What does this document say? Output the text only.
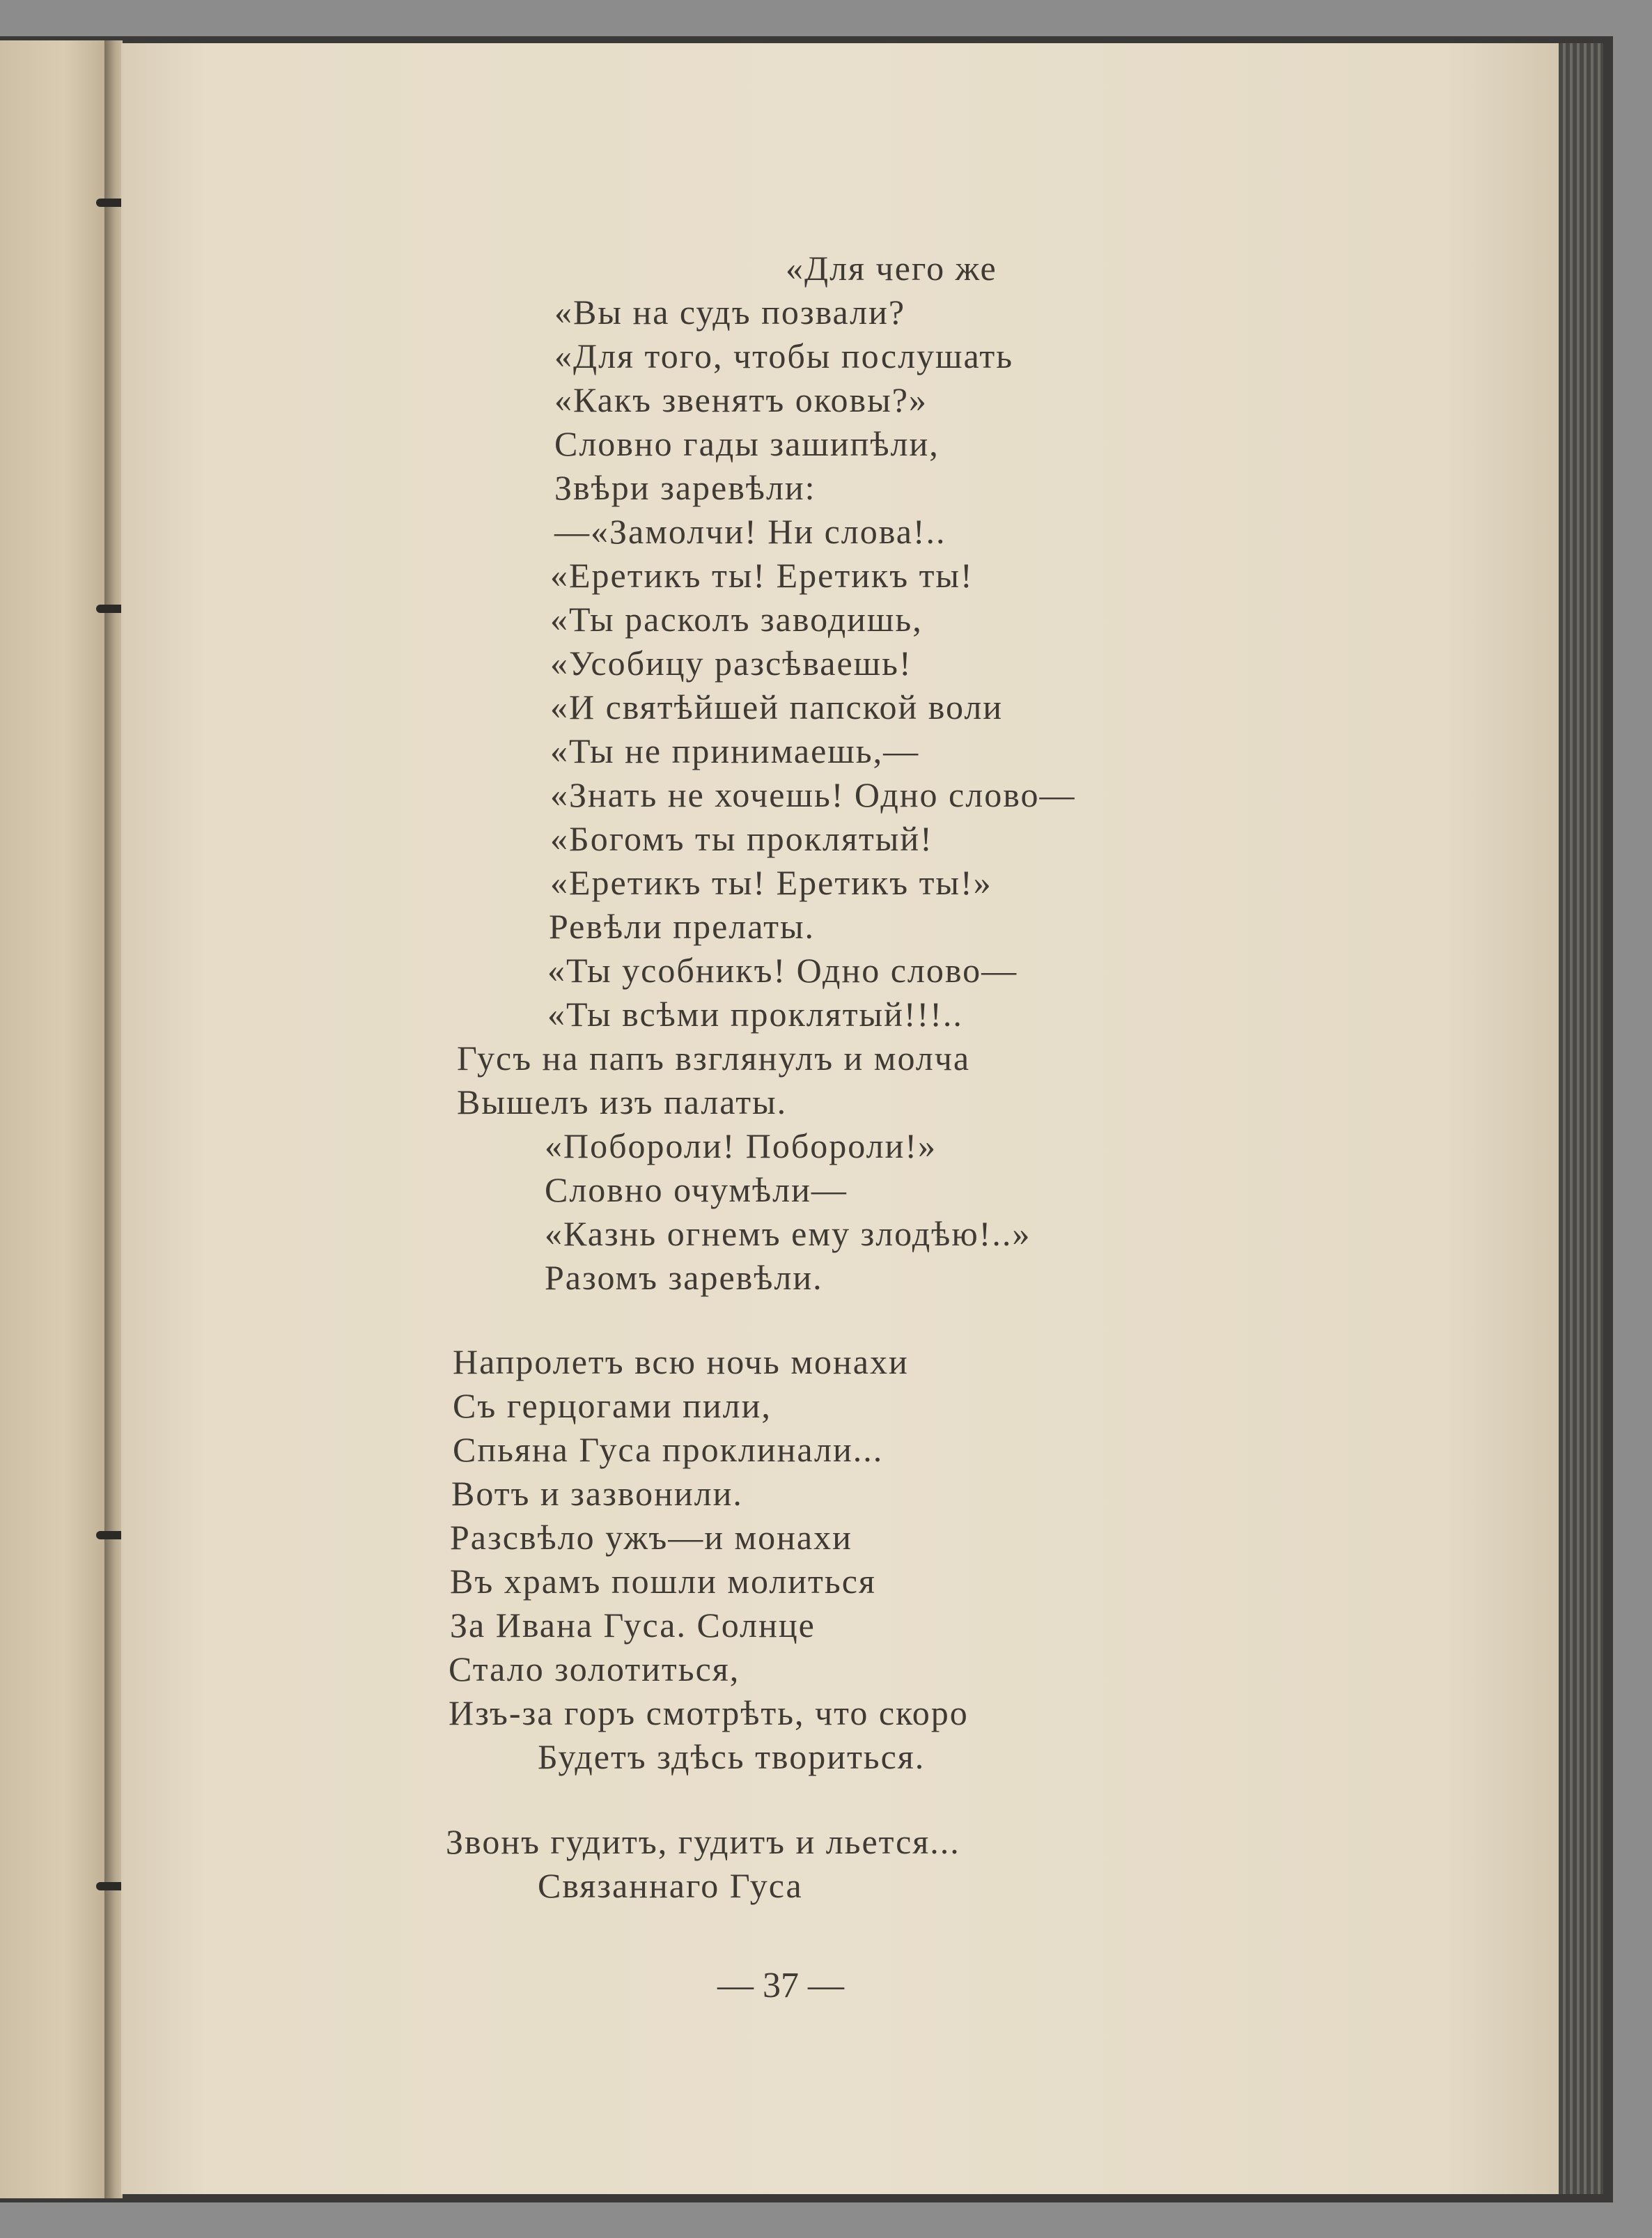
«Для чего же
«Вы на судъ позвали?
«Для того, чтобы послушать
«Какъ звенятъ оковы?»
Словно гады зашипѣли,
Звѣри заревѣли:
—«Замолчи! Ни слова!..
«Еретикъ ты! Еретикъ ты!
«Ты расколъ заводишь,
«Усобицу разсѣваешь!
«И святѣйшей папской воли
«Ты не принимаешь,—
«Знать не хочешь! Одно слово—
«Богомъ ты проклятый!
«Еретикъ ты! Еретикъ ты!»
Ревѣли прелаты.
«Ты усобникъ! Одно слово—
«Ты всѣми проклятый!!!..
Гусъ на папъ взглянулъ и молча
Вышелъ изъ палаты.
«Побороли! Побороли!»
Словно очумѣли—
«Казнь огнемъ ему злодѣю!..»
Разомъ заревѣли.
Напролетъ всю ночь монахи
Съ герцогами пили,
Спьяна Гуса проклинали...
Вотъ и зазвонили.
Разсвѣло ужъ—и монахи
Въ храмъ пошли молиться
За Ивана Гуса. Солнце
Стало золотиться,
Изъ-за горъ смотрѣть, что скоро
Будетъ здѣсь твориться.
Звонъ гудитъ, гудитъ и льется...
Связаннаго Гуса
— 37 —
